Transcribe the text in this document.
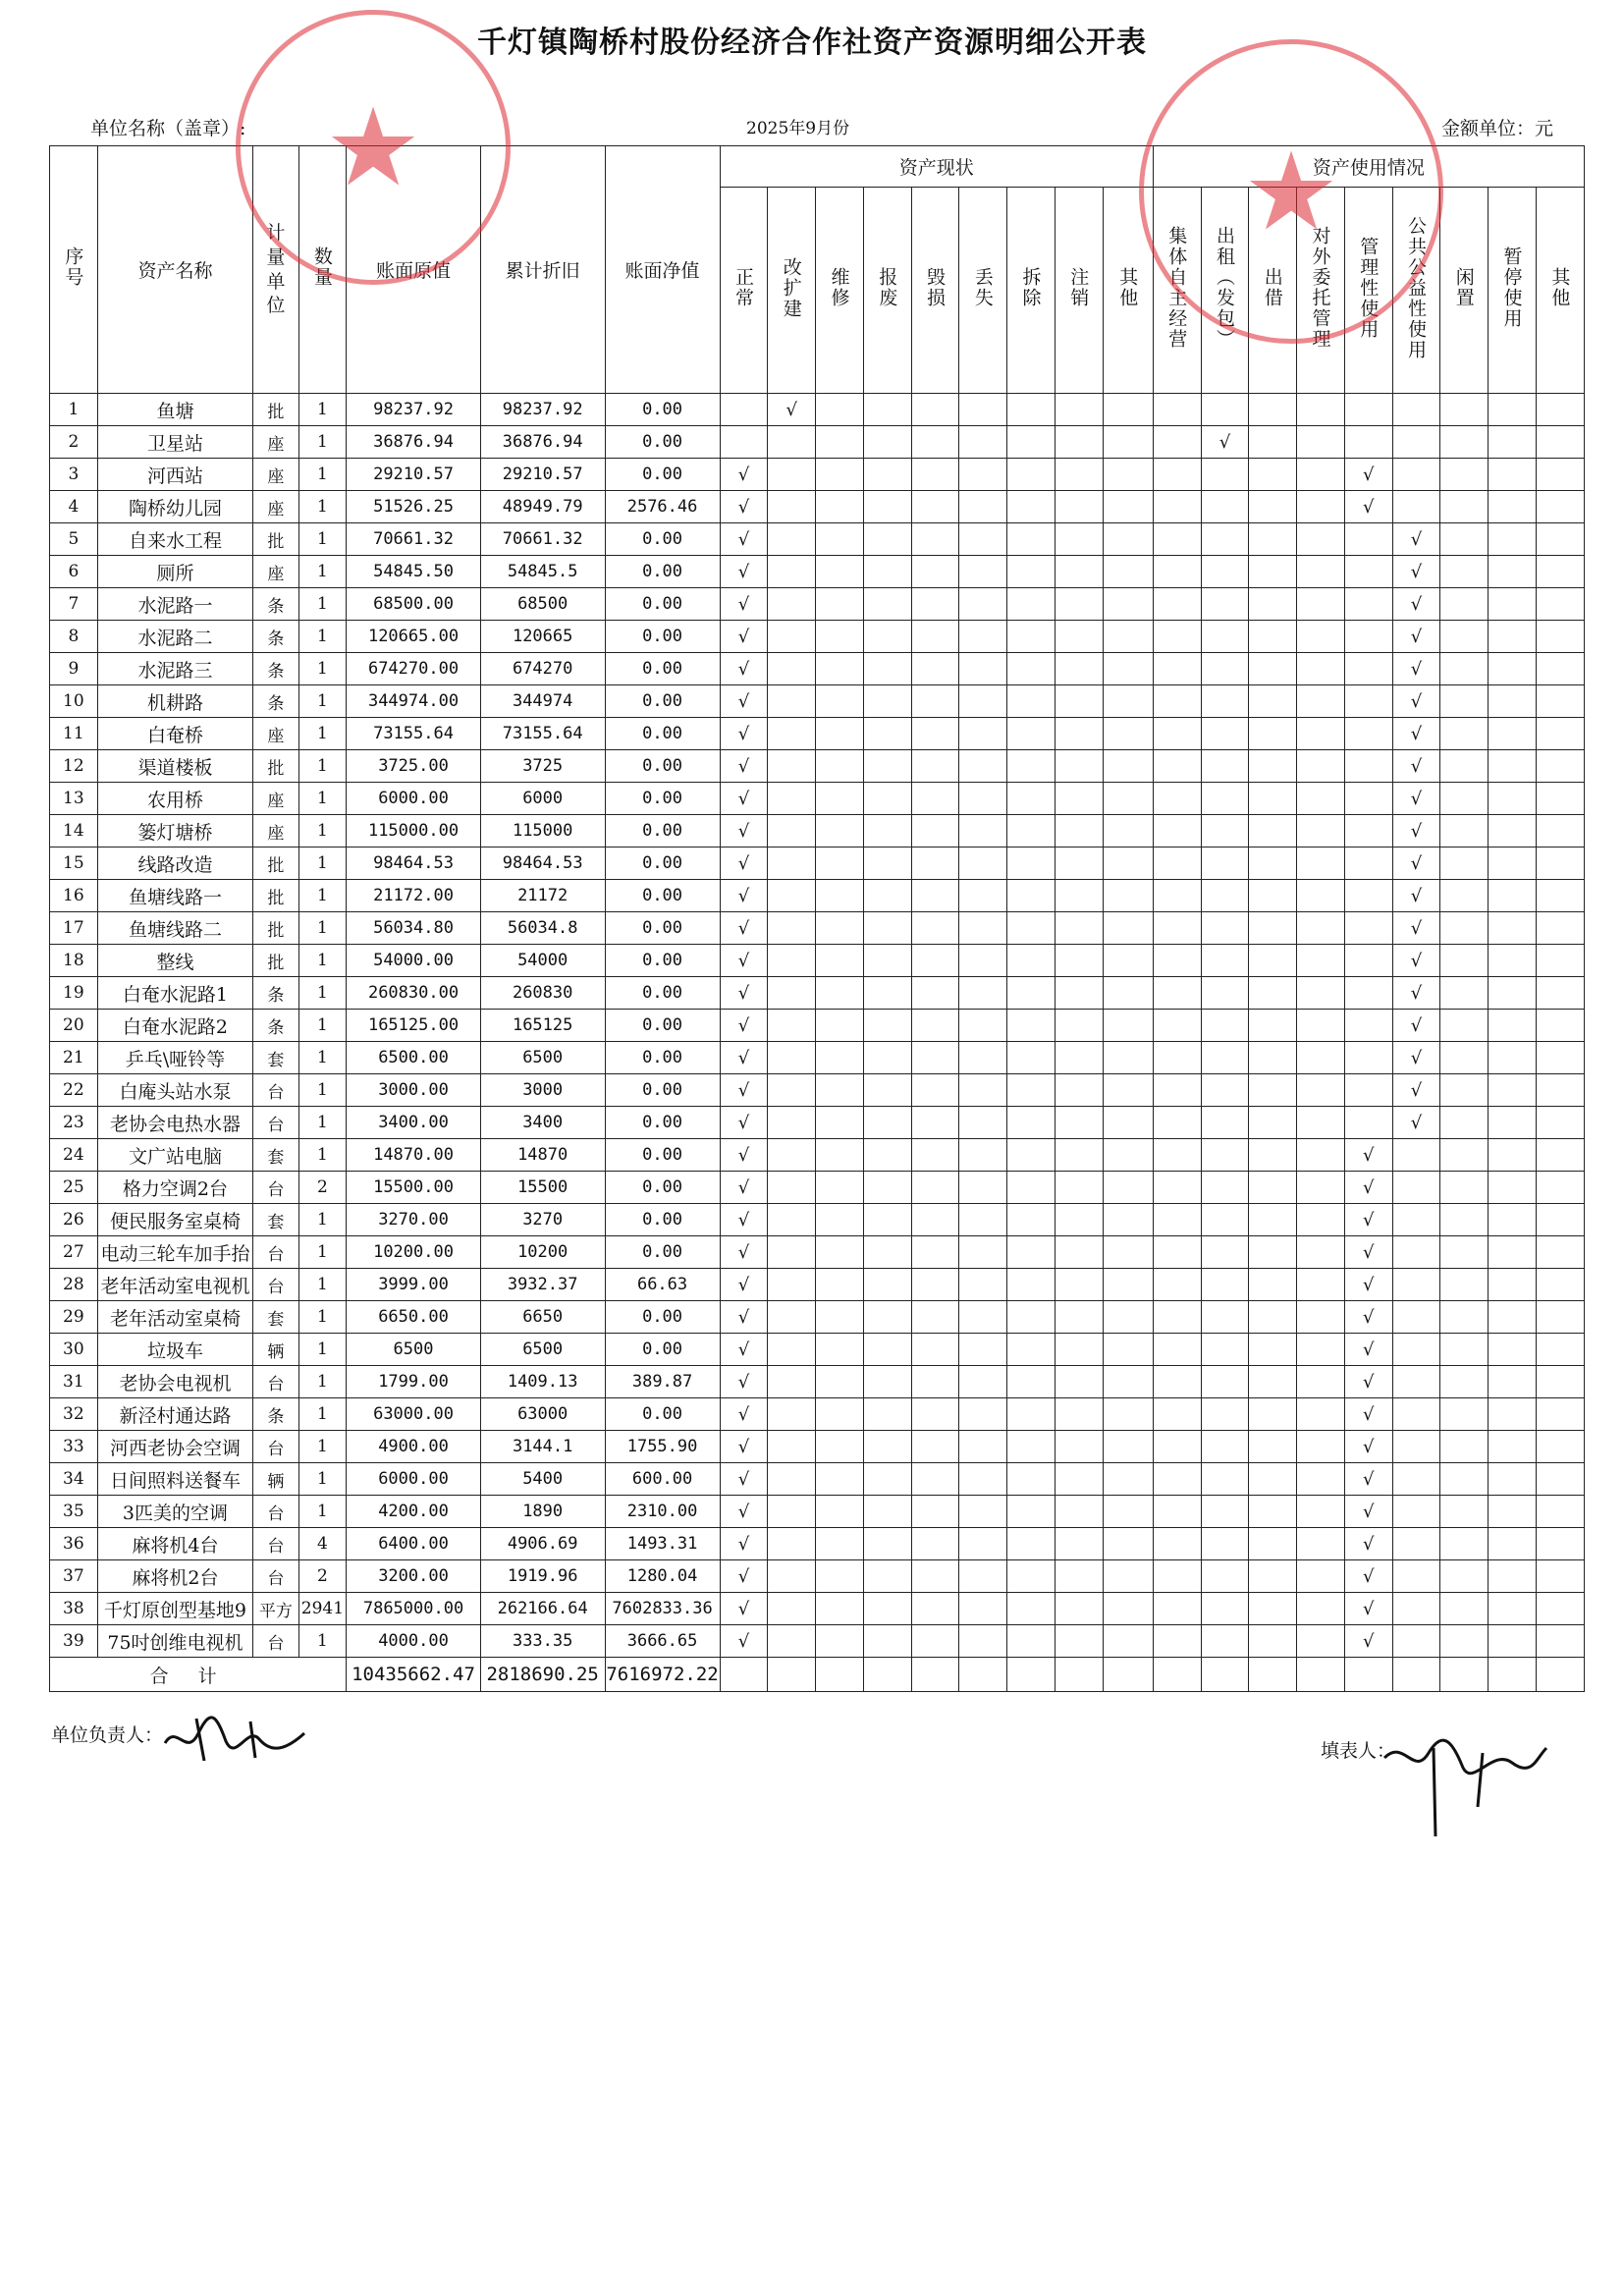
千灯镇陶桥村股份经济合作社资产资源明细公开表
单位名称（盖章）:	2025年9月份	金额单位：元
序号	资产名称	计量单位	数量	账面原值	累计折旧	账面净值	资产现状									资产使用情况								
							正常	改扩建	维修	报废	毁损	丢失	拆除	注销	其他	集体自主经营	出租（发包）	出借	对外委托管理	管理性使用	公共公益性使用	闲置	暂停使用	其他
1	鱼塘	批	1	98237.92	98237.92	0.00		√																
2	卫星站	座	1	36876.94	36876.94	0.00											√							
3	河西站	座	1	29210.57	29210.57	0.00	√													√				
4	陶桥幼儿园	座	1	51526.25	48949.79	2576.46	√													√				
5	自来水工程	批	1	70661.32	70661.32	0.00	√														√			
6	厕所	座	1	54845.50	54845.5	0.00	√														√			
7	水泥路一	条	1	68500.00	68500	0.00	√														√			
8	水泥路二	条	1	120665.00	120665	0.00	√														√			
9	水泥路三	条	1	674270.00	674270	0.00	√														√			
10	机耕路	条	1	344974.00	344974	0.00	√														√			
11	白奄桥	座	1	73155.64	73155.64	0.00	√														√			
12	渠道楼板	批	1	3725.00	3725	0.00	√														√			
13	农用桥	座	1	6000.00	6000	0.00	√														√			
14	篓灯塘桥	座	1	115000.00	115000	0.00	√														√			
15	线路改造	批	1	98464.53	98464.53	0.00	√														√			
16	鱼塘线路一	批	1	21172.00	21172	0.00	√														√			
17	鱼塘线路二	批	1	56034.80	56034.8	0.00	√														√			
18	整线	批	1	54000.00	54000	0.00	√														√			
19	白奄水泥路1	条	1	260830.00	260830	0.00	√														√			
20	白奄水泥路2	条	1	165125.00	165125	0.00	√														√			
21	乒乓\哑铃等	套	1	6500.00	6500	0.00	√														√			
22	白庵头站水泵	台	1	3000.00	3000	0.00	√														√			
23	老协会电热水器	台	1	3400.00	3400	0.00	√														√			
24	文广站电脑	套	1	14870.00	14870	0.00	√													√				
25	格力空调2台	台	2	15500.00	15500	0.00	√													√				
26	便民服务室桌椅	套	1	3270.00	3270	0.00	√													√				
27	电动三轮车加手抬	台	1	10200.00	10200	0.00	√													√				
28	老年活动室电视机	台	1	3999.00	3932.37	66.63	√													√				
29	老年活动室桌椅	套	1	6650.00	6650	0.00	√													√				
30	垃圾车	辆	1	6500	6500	0.00	√													√				
31	老协会电视机	台	1	1799.00	1409.13	389.87	√													√				
32	新泾村通达路	条	1	63000.00	63000	0.00	√													√				
33	河西老协会空调	台	1	4900.00	3144.1	1755.90	√													√				
34	日间照料送餐车	辆	1	6000.00	5400	600.00	√													√				
35	3匹美的空调	台	1	4200.00	1890	2310.00	√													√				
36	麻将机4台	台	4	6400.00	4906.69	1493.31	√													√				
37	麻将机2台	台	2	3200.00	1919.96	1280.04	√													√				
38	千灯原创型基地9	平方	2941	7865000.00	262166.64	7602833.36	√													√				
39	75吋创维电视机	台	1	4000.00	333.35	3666.65	√													√				
合计				10435662.47	2818690.25	7616972.22																		
单位负责人：
填表人：
★	★
